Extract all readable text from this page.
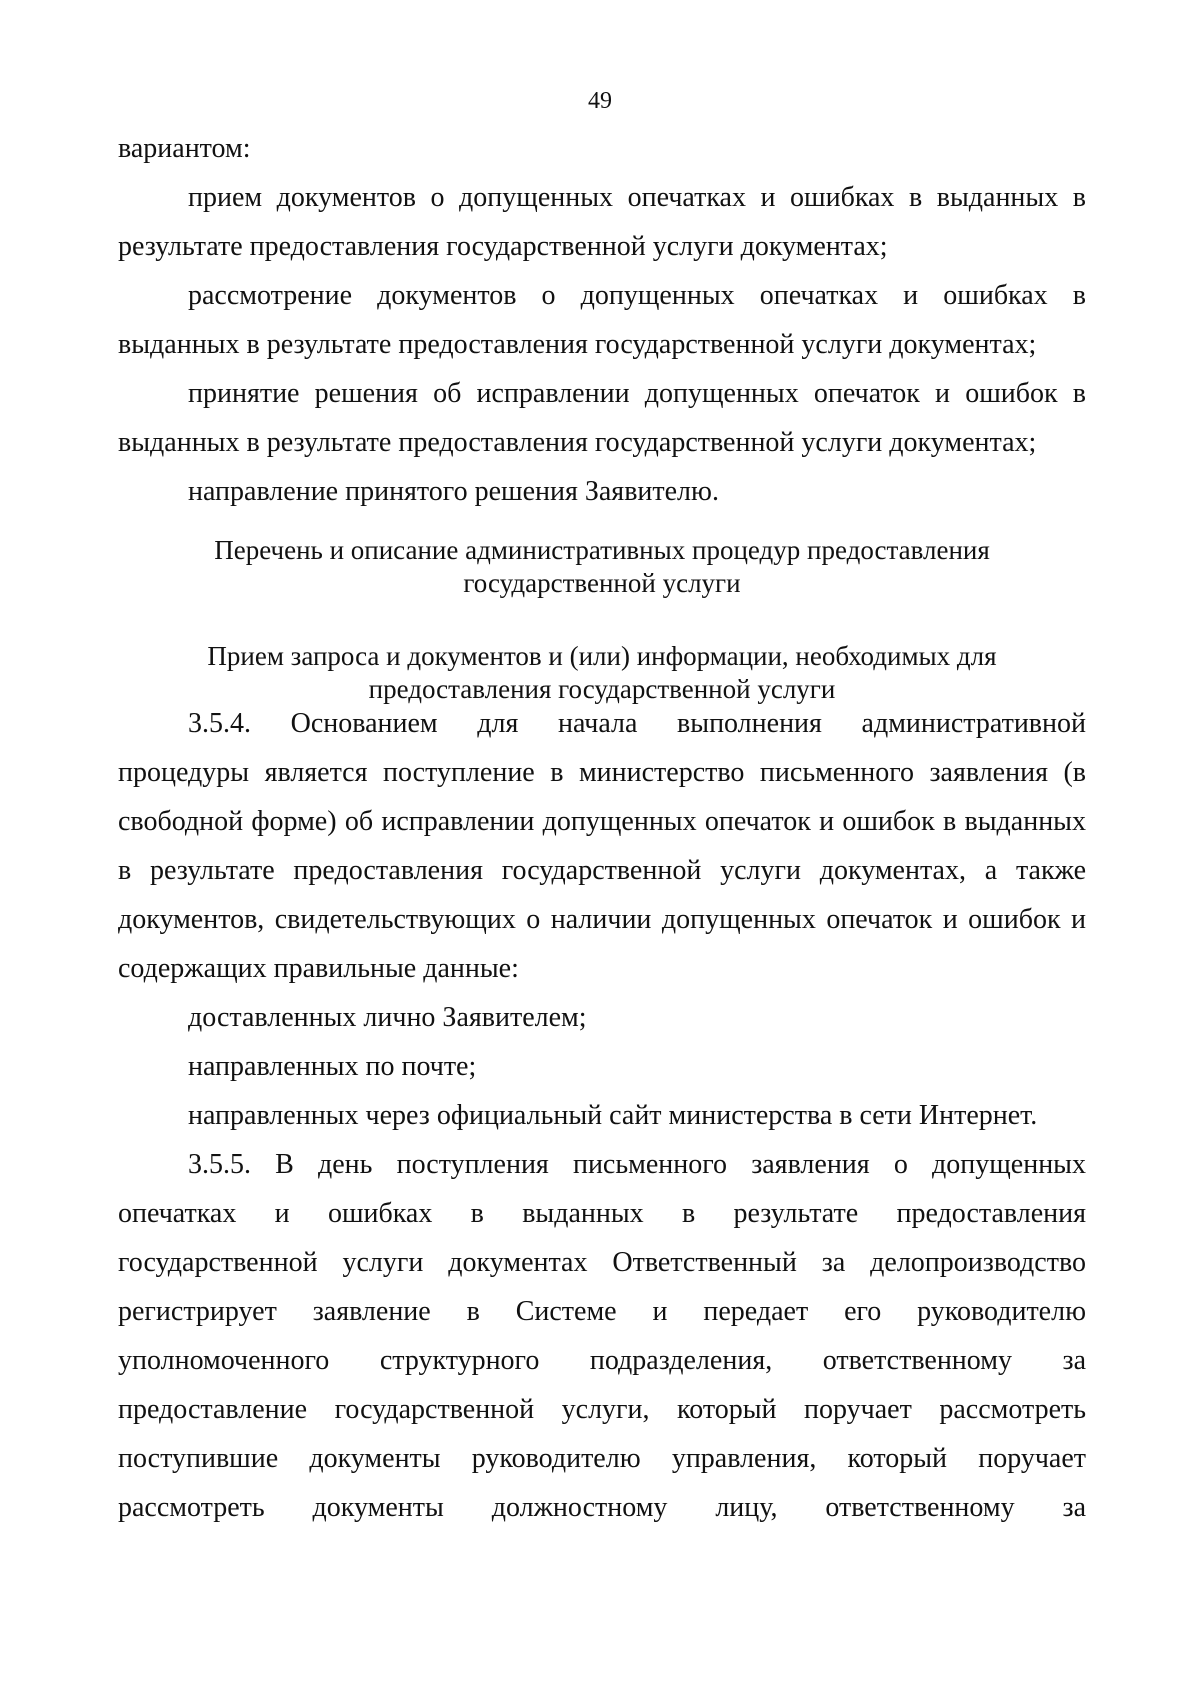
49
вариантом:
прием документов о допущенных опечатках и ошибках в выданных в
результате предоставления государственной услуги документах;
рассмотрение документов о допущенных опечатках и ошибках в
выданных в результате предоставления государственной услуги документах;
принятие решения об исправлении допущенных опечаток и ошибок в
выданных в результате предоставления государственной услуги документах;
направление принятого решения Заявителю.
Перечень и описание административных процедур предоставления
государственной услуги
Прием запроса и документов и (или) информации, необходимых для
предоставления государственной услуги
3.5.4. Основанием для начала выполнения административной
процедуры является поступление в министерство письменного заявления (в
свободной форме) об исправлении допущенных опечаток и ошибок в выданных
в результате предоставления государственной услуги документах, а также
документов, свидетельствующих о наличии допущенных опечаток и ошибок и
содержащих правильные данные:
доставленных лично Заявителем;
направленных по почте;
направленных через официальный сайт министерства в сети Интернет.
3.5.5. В день поступления письменного заявления о допущенных
опечатках и ошибках в выданных в результате предоставления
государственной услуги документах Ответственный за делопроизводство
регистрирует заявление в Системе и передает его руководителю
уполномоченного структурного подразделения, ответственному за
предоставление государственной услуги, который поручает рассмотреть
поступившие документы руководителю управления, который поручает
рассмотреть документы должностному лицу, ответственному за
